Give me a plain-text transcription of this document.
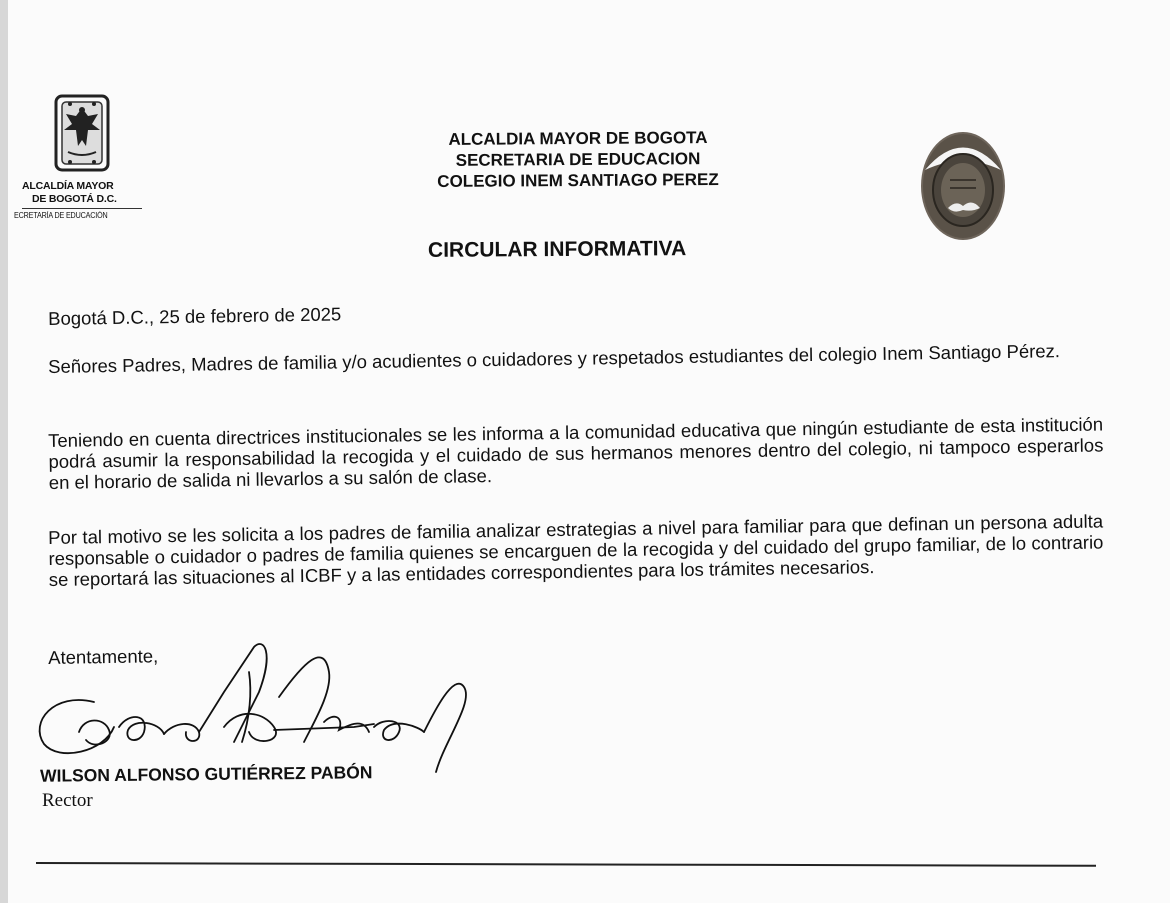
ALCALDÍA MAYOR
DE BOGOTÁ D.C.
ECRETARÍA DE EDUCACIÓN
ALCALDIA MAYOR DE BOGOTA
SECRETARIA DE EDUCACION
COLEGIO INEM SANTIAGO PEREZ
CIRCULAR INFORMATIVA
Bogotá D.C., 25 de febrero de 2025
Señores Padres, Madres de familia y/o acudientes o cuidadores y respetados estudiantes del colegio Inem Santiago Pérez.
Teniendo en cuenta directrices institucionales se les informa a la comunidad educativa que ningún estudiante de esta institución podrá asumir la responsabilidad la recogida y el cuidado de sus hermanos menores dentro del colegio, ni tampoco esperarlos en el horario de salida ni llevarlos a su salón de clase.
Por tal motivo se les solicita a los padres de familia analizar estrategias a nivel para familiar para que definan un persona adulta responsable o cuidador o padres de familia quienes se encarguen de la recogida y del cuidado del grupo familiar, de lo contrario se reportará las situaciones al ICBF y a las entidades correspondientes para los trámites necesarios.
Atentamente,
WILSON ALFONSO GUTIÉRREZ PABÓN
Rector
